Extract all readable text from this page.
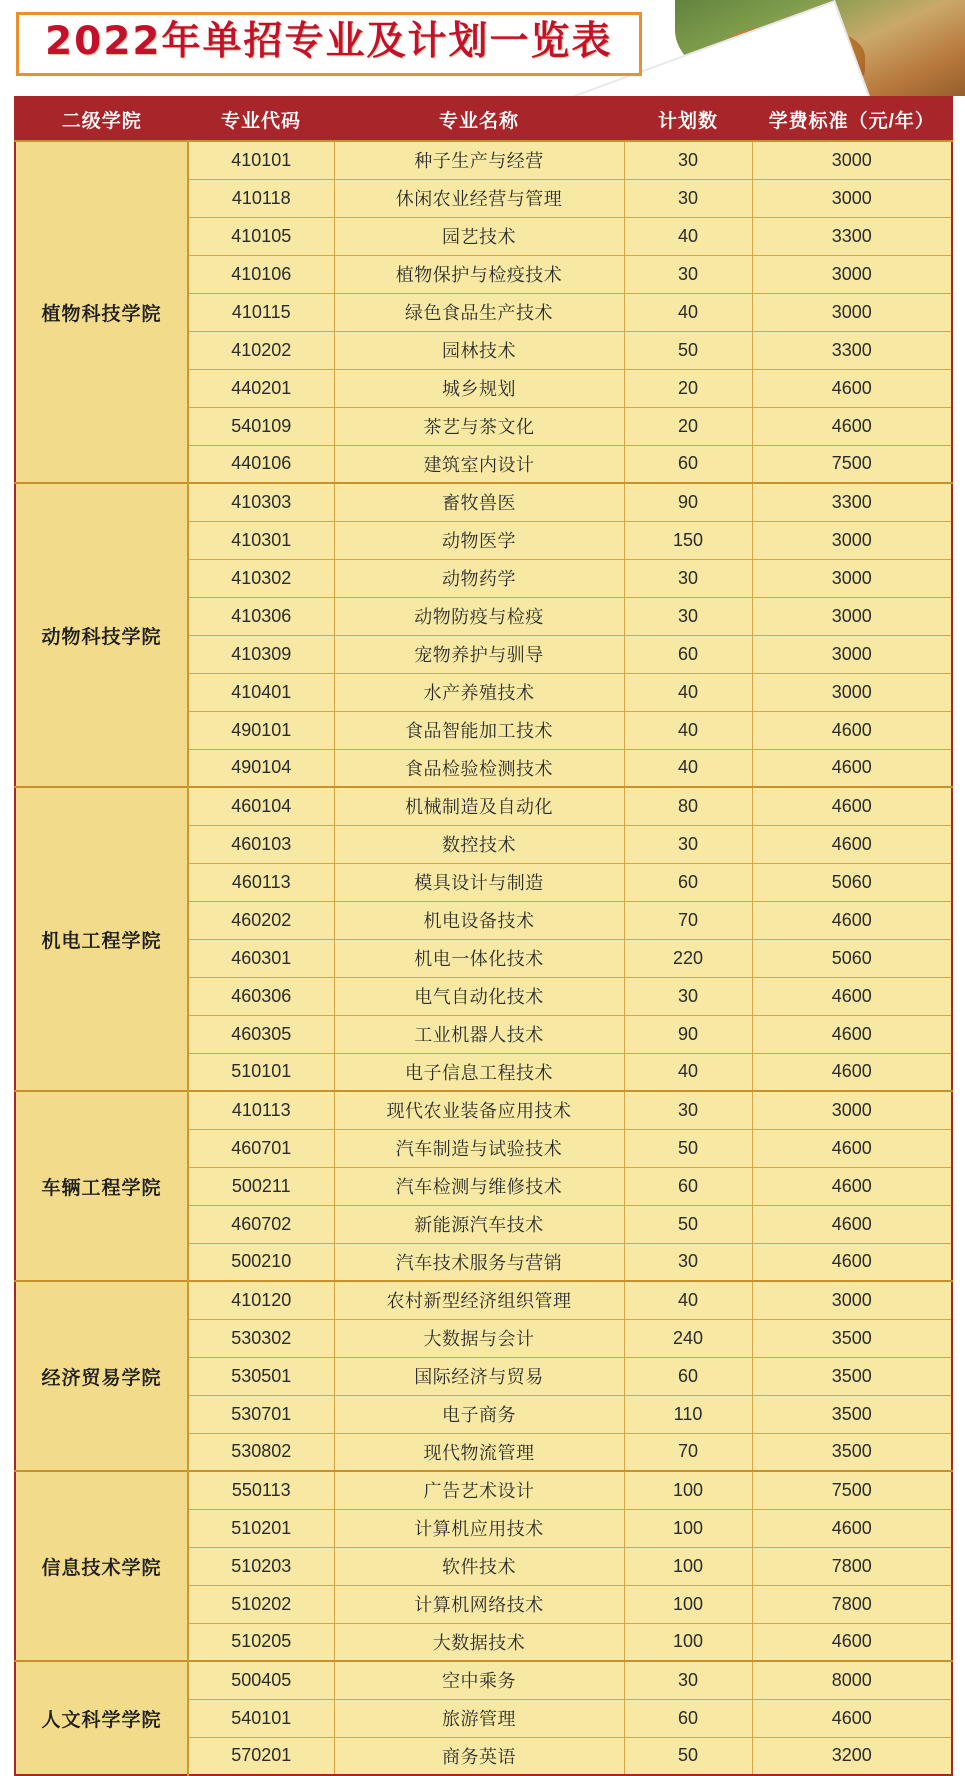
2022年单招专业及计划一览表
二级学院	专业代码	专业名称	计划数	学费标准（元/年）
植物科技学院	410101	种子生产与经营	30	3000
	410118	休闲农业经营与管理	30	3000
	410105	园艺技术	40	3300
	410106	植物保护与检疫技术	30	3000
	410115	绿色食品生产技术	40	3000
	410202	园林技术	50	3300
	440201	城乡规划	20	4600
	540109	茶艺与茶文化	20	4600
	440106	建筑室内设计	60	7500
动物科技学院	410303	畜牧兽医	90	3300
	410301	动物医学	150	3000
	410302	动物药学	30	3000
	410306	动物防疫与检疫	30	3000
	410309	宠物养护与驯导	60	3000
	410401	水产养殖技术	40	3000
	490101	食品智能加工技术	40	4600
	490104	食品检验检测技术	40	4600
机电工程学院	460104	机械制造及自动化	80	4600
	460103	数控技术	30	4600
	460113	模具设计与制造	60	5060
	460202	机电设备技术	70	4600
	460301	机电一体化技术	220	5060
	460306	电气自动化技术	30	4600
	460305	工业机器人技术	90	4600
	510101	电子信息工程技术	40	4600
车辆工程学院	410113	现代农业装备应用技术	30	3000
	460701	汽车制造与试验技术	50	4600
	500211	汽车检测与维修技术	60	4600
	460702	新能源汽车技术	50	4600
	500210	汽车技术服务与营销	30	4600
经济贸易学院	410120	农村新型经济组织管理	40	3000
	530302	大数据与会计	240	3500
	530501	国际经济与贸易	60	3500
	530701	电子商务	110	3500
	530802	现代物流管理	70	3500
信息技术学院	550113	广告艺术设计	100	7500
	510201	计算机应用技术	100	4600
	510203	软件技术	100	7800
	510202	计算机网络技术	100	7800
	510205	大数据技术	100	4600
人文科学学院	500405	空中乘务	30	8000
	540101	旅游管理	60	4600
	570201	商务英语	50	3200
